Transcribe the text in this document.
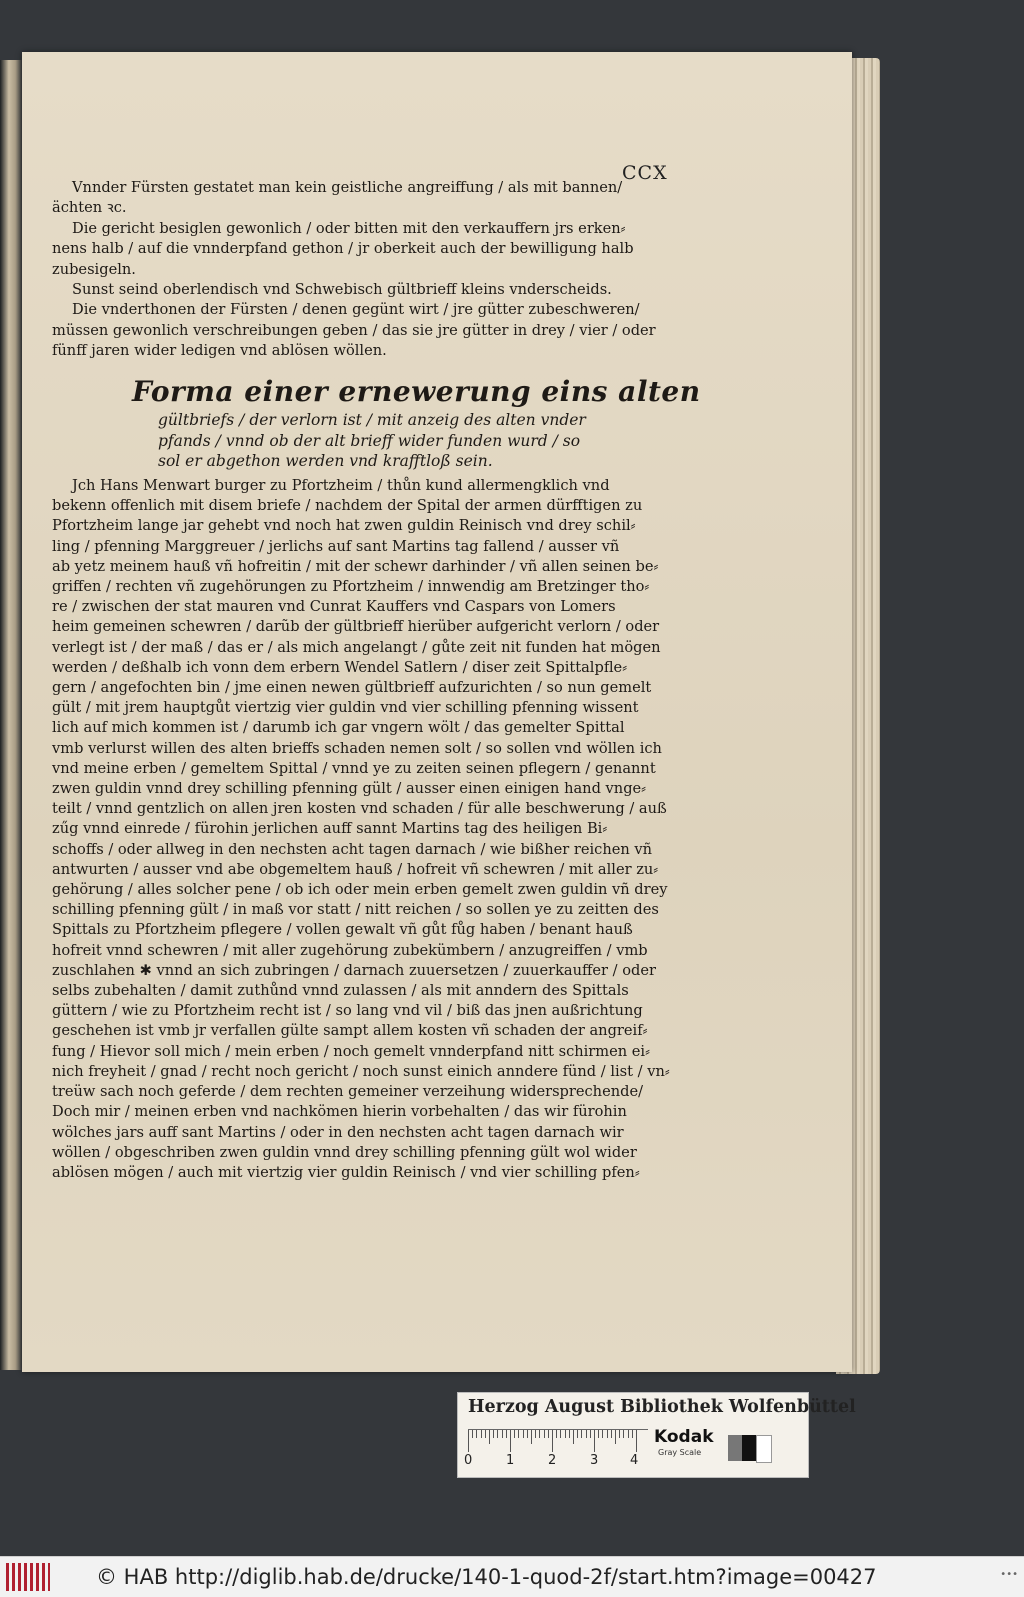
CCX

Vnnder Fürsten gestatet man kein geistliche angreiffung / als mit bannen/
ächten ꝛc.

Die gericht besiglen gewonlich / oder bitten mit den verkauffern jrs erken⸗
nens halb / auf die vnnderpfand gethon / jr oberkeit auch der bewilligung halb
zubesigeln.

Sunst seind oberlendisch vnd Schwebisch gültbrieff kleins vnderscheids.

Die vnderthonen der Fürsten / denen gegünt wirt / jre gütter zubeschweren/
müssen gewonlich verschreibungen geben / das sie jre gütter in drey / vier / oder
fünff jaren wider ledigen vnd ablösen wöllen.

Forma einer ernewerung eins alten
gültbriefs / der verlorn ist / mit anzeig des alten vnder
pfands / vnnd ob der alt brieff wider funden wurd / so
sol er abgethon werden vnd krafftloß sein.

Jch Hans Menwart burger zu Pfortzheim / thůn kund allermengklich vnd
bekenn offenlich mit disem briefe / nachdem der Spital der armen dürfftigen zu
Pfortzheim lange jar gehebt vnd noch hat zwen guldin Reinisch vnd drey schil⸗
ling / pfenning Marggreuer / jerlichs auf sant Martins tag fallend / ausser vñ
ab yetz meinem hauß vñ hofreitin / mit der schewr darhinder / vñ allen seinen be⸗
griffen / rechten vñ zugehörungen zu Pfortzheim / innwendig am Bretzinger tho⸗
re / zwischen der stat mauren vnd Cunrat Kauffers vnd Caspars von Lomers
heim gemeinen schewren / darũb der gültbrieff hierüber aufgericht verlorn / oder
verlegt ist / der maß / das er / als mich angelangt / gůte zeit nit funden hat mögen
werden / deßhalb ich vonn dem erbern Wendel Satlern / diser zeit Spittalpfle⸗
gern / angefochten bin / jme einen newen gültbrieff aufzurichten / so nun gemelt
gült / mit jrem hauptgůt viertzig vier guldin vnd vier schilling pfenning wissent
lich auf mich kommen ist / darumb ich gar vngern wölt / das gemelter Spittal
vmb verlurst willen des alten brieffs schaden nemen solt / so sollen vnd wöllen ich
vnd meine erben / gemeltem Spittal / vnnd ye zu zeiten seinen pflegern / genannt
zwen guldin vnnd drey schilling pfenning gült / ausser einen einigen hand vnge⸗
teilt / vnnd gentzlich on allen jren kosten vnd schaden / für alle beschwerung / auß
zűg vnnd einrede / fürohin jerlichen auff sannt Martins tag des heiligen Bi⸗
schoffs / oder allweg in den nechsten acht tagen darnach / wie bißher reichen vñ
antwurten / ausser vnd abe obgemeltem hauß / hofreit vñ schewren / mit aller zu⸗
gehörung / alles solcher pene / ob ich oder mein erben gemelt zwen guldin vñ drey
schilling pfenning gült / in maß vor statt / nitt reichen / so sollen ye zu zeitten des
Spittals zu Pfortzheim pflegere / vollen gewalt vñ gůt fůg haben / benant hauß
hofreit vnnd schewren / mit aller zugehörung zubekümbern / anzugreiffen / vmb
zuschlahen ✱ vnnd an sich zubringen / darnach zuuersetzen / zuuerkauffer / oder
selbs zubehalten / damit zuthůnd vnnd zulassen / als mit anndern des Spittals
güttern / wie zu Pfortzheim recht ist / so lang vnd vil / biß das jnen außrichtung
geschehen ist vmb jr verfallen gülte sampt allem kosten vñ schaden der angreif⸗
fung / Hievor soll mich / mein erben / noch gemelt vnnderpfand nitt schirmen ei⸗
nich freyheit / gnad / recht noch gericht / noch sunst einich anndere fünd / list / vn⸗
treüw sach noch geferde / dem rechten gemeiner verzeihung widersprechende/
Doch mir / meinen erben vnd nachkömen hierin vorbehalten / das wir fürohin
wölches jars auff sant Martins / oder in den nechsten acht tagen darnach wir
wöllen / obgeschriben zwen guldin vnnd drey schilling pfenning gült wol wider
ablösen mögen / auch mit viertzig vier guldin Reinisch / vnd vier schilling pfen⸗

Herzog August Bibliothek Wolfenbüttel
0	1	2	3 4
Kodak
Gray Scale
© HAB http://diglib.hab.de/drucke/140-1-quod-2f/start.htm?image=00427	•••
